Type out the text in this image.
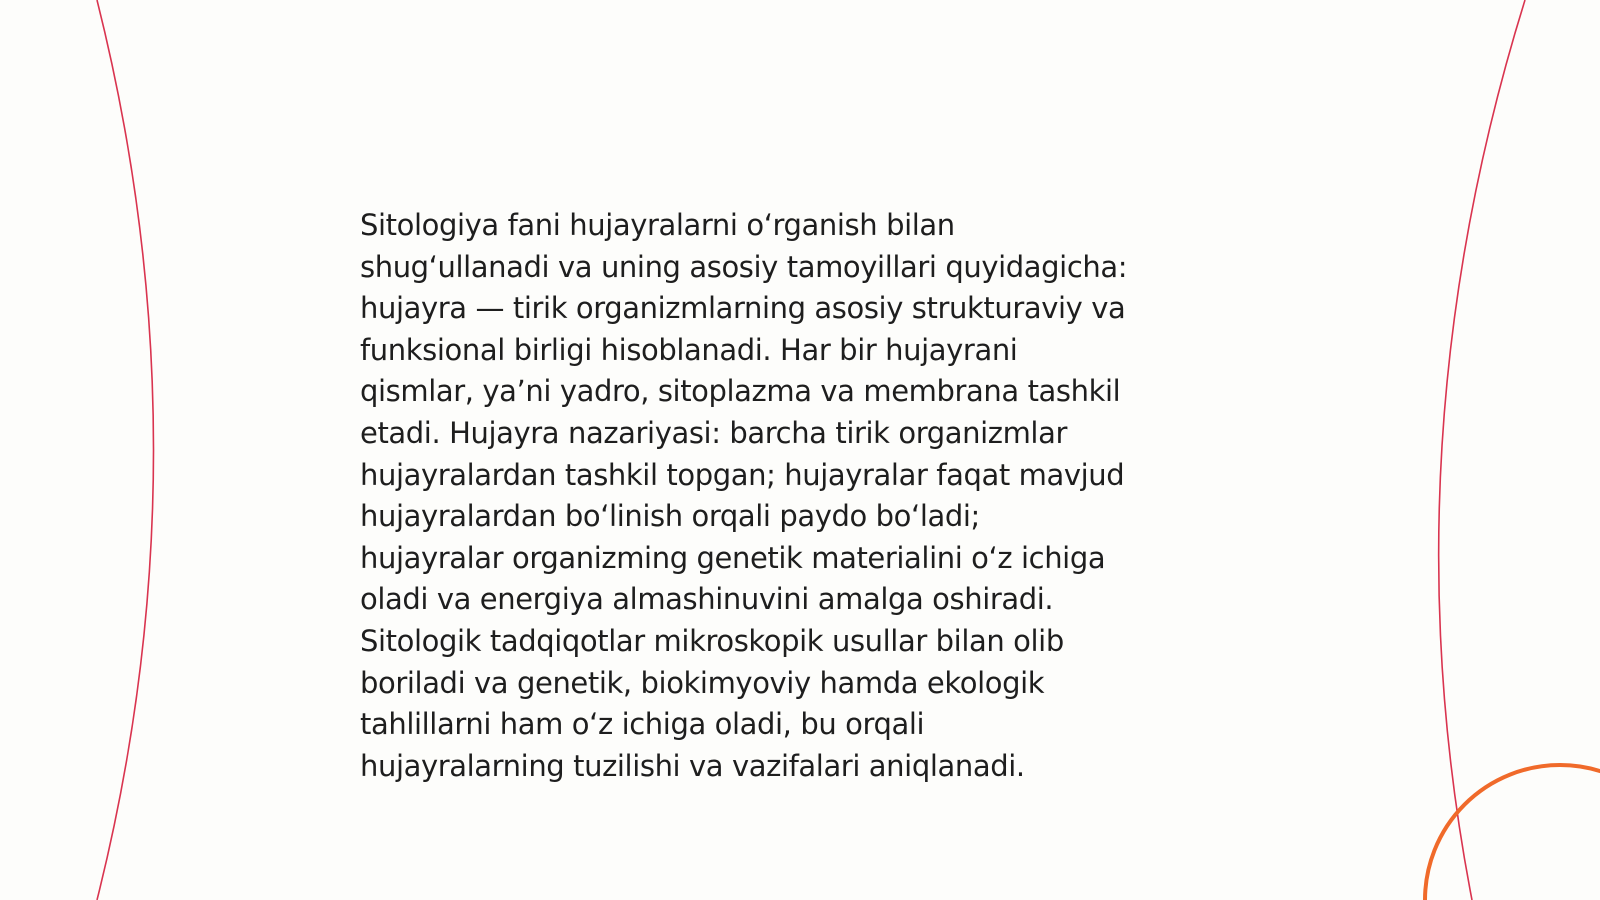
Sitologiya fani hujayralarni o‘rganish bilan
shug‘ullanadi va uning asosiy tamoyillari quyidagicha:
hujayra — tirik organizmlarning asosiy strukturaviy va
funksional birligi hisoblanadi. Har bir hujayrani
qismlar, ya’ni yadro, sitoplazma va membrana tashkil
etadi. Hujayra nazariyasi: barcha tirik organizmlar
hujayralardan tashkil topgan; hujayralar faqat mavjud
hujayralardan bo‘linish orqali paydo bo‘ladi;
hujayralar organizming genetik materialini o‘z ichiga
oladi va energiya almashinuvini amalga oshiradi.
Sitologik tadqiqotlar mikroskopik usullar bilan olib
boriladi va genetik, biokimyoviy hamda ekologik
tahlillarni ham o‘z ichiga oladi, bu orqali
hujayralarning tuzilishi va vazifalari aniqlanadi.
